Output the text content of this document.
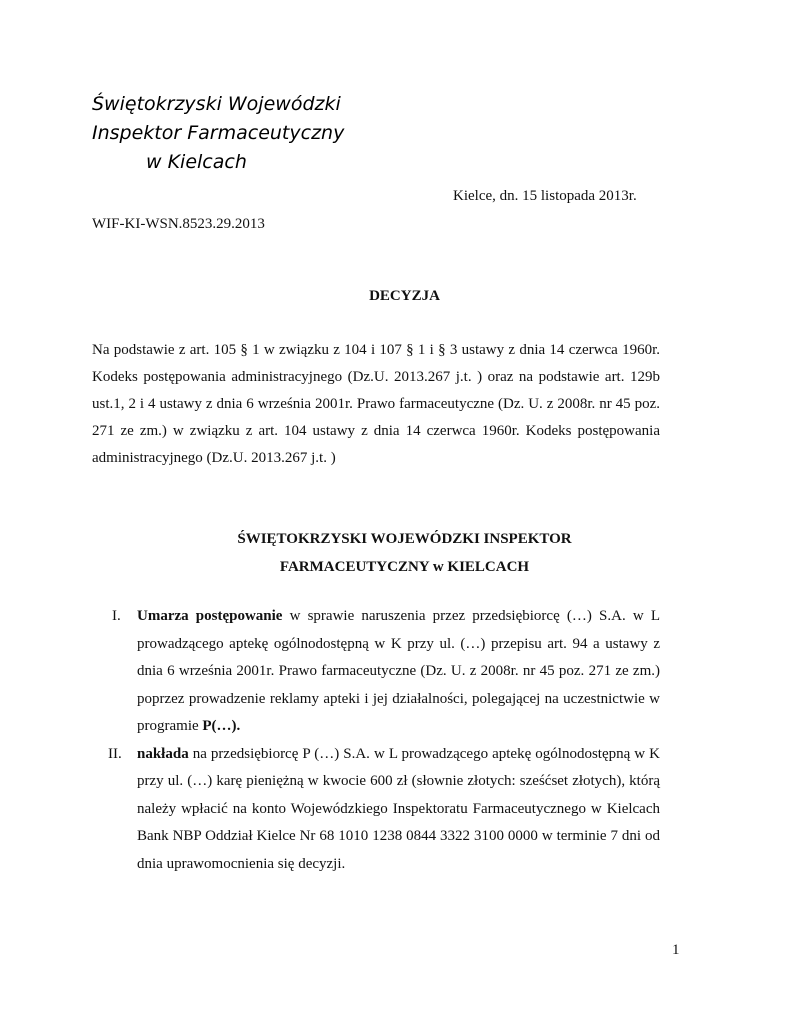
Świętokrzyski Wojewódzki
Inspektor Farmaceutyczny
w Kielcach
Kielce, dn. 15 listopada 2013r.
WIF-KI-WSN.8523.29.2013
DECYZJA
Na podstawie z art. 105 § 1 w związku z 104 i 107 § 1 i § 3 ustawy z dnia 14 czerwca 1960r. Kodeks postępowania administracyjnego (Dz.U. 2013.267 j.t. ) oraz na podstawie art. 129b ust.1, 2 i 4 ustawy z dnia 6 września 2001r. Prawo farmaceutyczne (Dz. U. z 2008r. nr 45 poz. 271 ze zm.) w związku z art. 104 ustawy z dnia 14 czerwca 1960r. Kodeks postępowania administracyjnego (Dz.U. 2013.267 j.t. )
ŚWIĘTOKRZYSKI WOJEWÓDZKI INSPEKTOR
FARMACEUTYCZNY w KIELCACH
I. Umarza postępowanie w sprawie naruszenia przez przedsiębiorcę (…) S.A. w L prowadzącego aptekę ogólnodostępną w K przy ul. (…) przepisu art. 94 a ustawy z dnia 6 września 2001r. Prawo farmaceutyczne (Dz. U. z 2008r. nr 45 poz. 271 ze zm.) poprzez prowadzenie reklamy apteki i jej działalności, polegającej na uczestnictwie w programie P(…).
II. nakłada na przedsiębiorcę P (…) S.A. w L prowadzącego aptekę ogólnodostępną w K przy ul. (…) karę pieniężną w kwocie 600 zł (słownie złotych: sześćset złotych), którą należy wpłacić na konto Wojewódzkiego Inspektoratu Farmaceutycznego w Kielcach Bank NBP Oddział Kielce Nr 68 1010 1238 0844 3322 3100 0000 w terminie 7 dni od dnia uprawomocnienia się decyzji.
1
